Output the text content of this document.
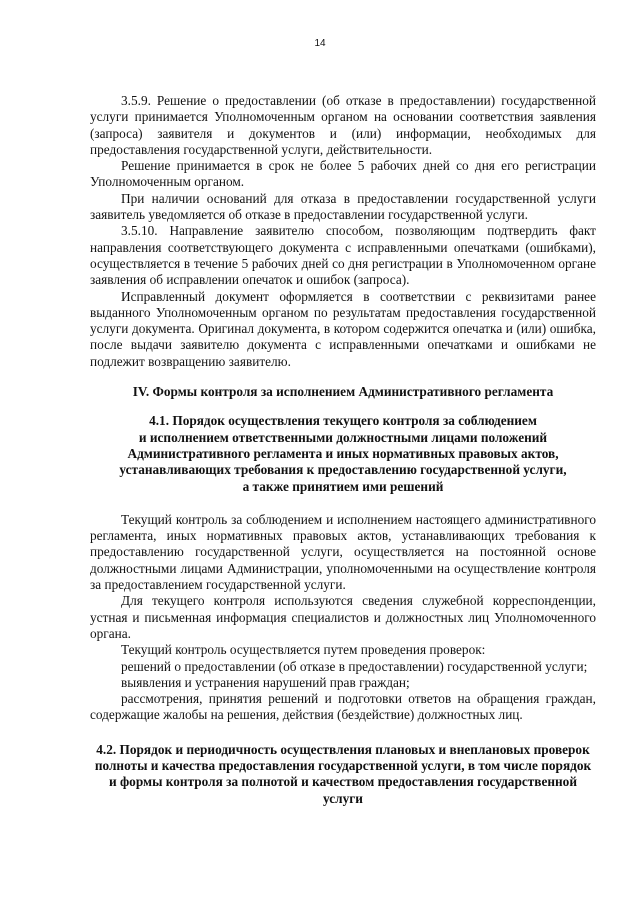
14

3.5.9. Решение о предоставлении (об отказе в предоставлении) государственной услуги принимается Уполномоченным органом на основании соответствия заявления (запроса) заявителя и документов и (или) информации, необходимых для предоставления государственной услуги, действительности.

Решение принимается в срок не более 5 рабочих дней со дня его регистрации Уполномоченным органом.

При наличии оснований для отказа в предоставлении государственной услуги заявитель уведомляется об отказе в предоставлении государственной услуги.

3.5.10. Направление заявителю способом, позволяющим подтвердить факт направления соответствующего документа с исправленными опечатками (ошибками), осуществляется в течение 5 рабочих дней со дня регистрации в Уполномоченном органе заявления об исправлении опечаток и ошибок (запроса).

Исправленный документ оформляется в соответствии с реквизитами ранее выданного Уполномоченным органом по результатам предоставления государственной услуги документа. Оригинал документа, в котором содержится опечатка и (или) ошибка, после выдачи заявителю документа с исправленными опечатками и ошибками не подлежит возвращению заявителю.

IV. Формы контроля за исполнением Административного регламента
4.1. Порядок осуществления текущего контроля за соблюдением
и исполнением ответственными должностными лицами положений Административного регламента и иных нормативных правовых актов, устанавливающих требования к предоставлению государственной услуги,
а также принятием ими решений

Текущий контроль за соблюдением и исполнением настоящего административного регламента, иных нормативных правовых актов, устанавливающих требования к предоставлению государственной услуги, осуществляется на постоянной основе должностными лицами Администрации, уполномоченными на осуществление контроля за предоставлением государственной услуги.

Для текущего контроля используются сведения служебной корреспонденции, устная и письменная информация специалистов и должностных лиц Уполномоченного органа.

Текущий контроль осуществляется путем проведения проверок:

решений о предоставлении (об отказе в предоставлении) государственной услуги;

выявления и устранения нарушений прав граждан;

рассмотрения, принятия решений и подготовки ответов на обращения граждан, содержащие жалобы на решения, действия (бездействие) должностных лиц.

4.2. Порядок и периодичность осуществления плановых и внеплановых проверок полноты и качества предоставления государственной услуги, в том числе порядок и формы контроля за полнотой и качеством предоставления государственной услуги
